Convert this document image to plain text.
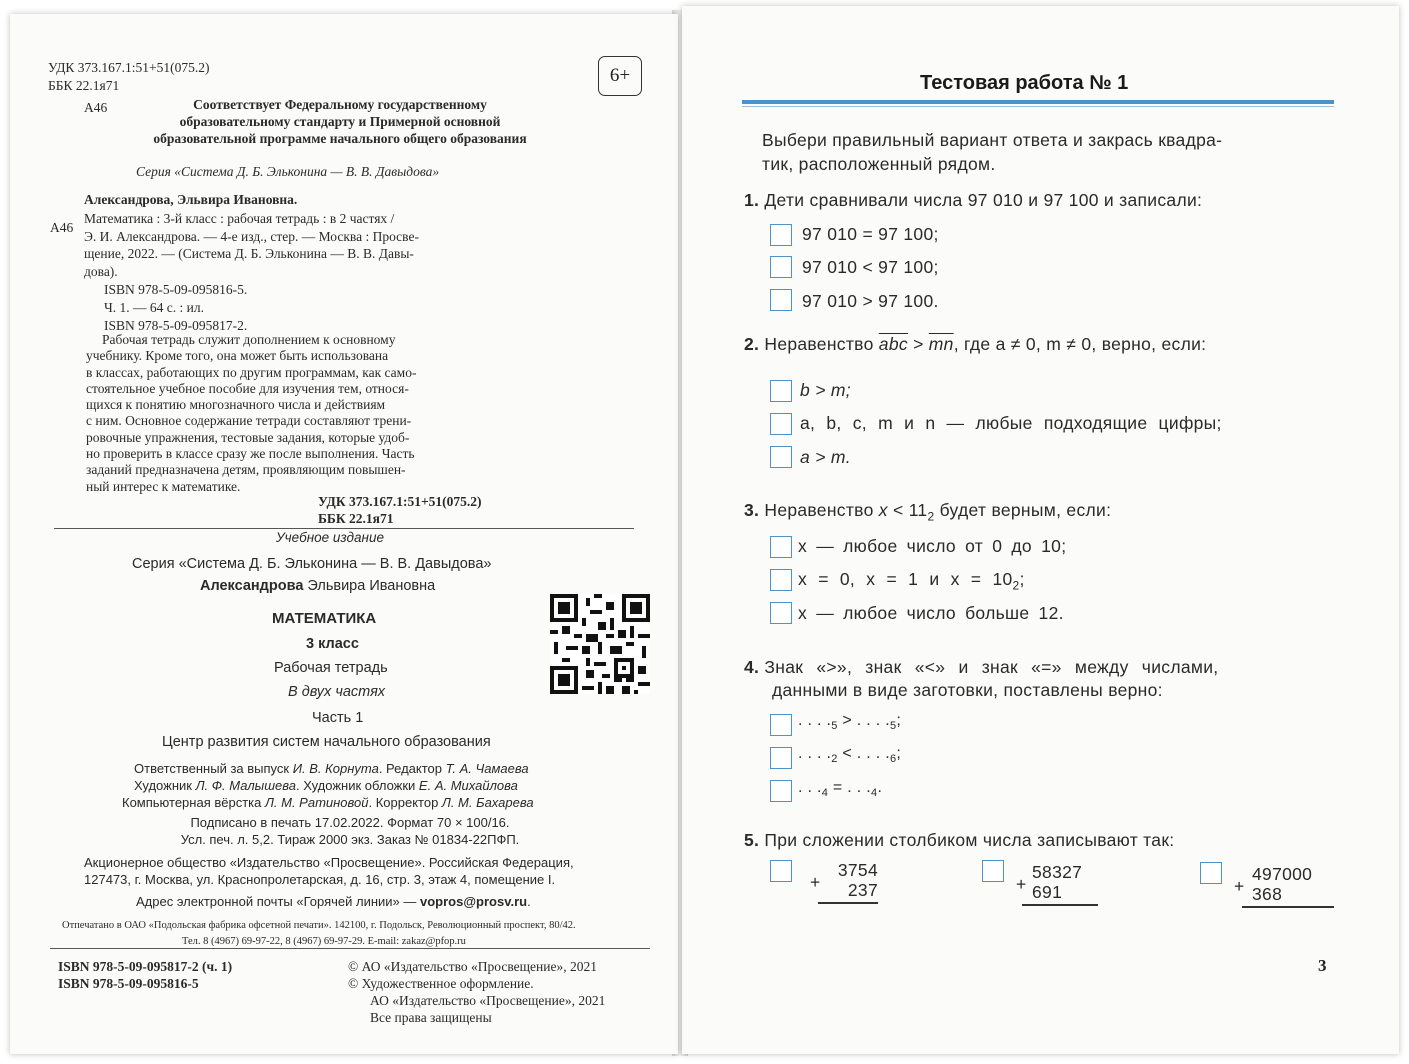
УДК 373.167.1:51+51(075.2)
ББК 22.1я71
А46
6+
Соответствует Федеральному государственному
образовательному стандарту и Примерной основной
образовательной программе начального общего образования
Серия «Система Д. Б. Эльконина — В. В. Давыдова»
Александрова, Эльвира Ивановна.
А46
Математика : 3-й класс : рабочая тетрадь : в 2 частях /
Э. И. Александрова. — 4-е изд., стер. — Москва : Просве-
щение, 2022. — (Система Д. Б. Эльконина — В. В. Давы-
дова).
ISBN 978-5-09-095816-5.
Ч. 1. — 64 с. : ил.
ISBN 978-5-09-095817-2.
Рабочая тетрадь служит дополнением к основному
учебнику. Кроме того, она может быть использована
в классах, работающих по другим программам, как само-
стоятельное учебное пособие для изучения тем, относя-
щихся к понятию многозначного числа и действиям
с ним. Основное содержание тетради составляют трени-
ровочные упражнения, тестовые задания, которые удоб-
но проверить в классе сразу же после выполнения. Часть
заданий предназначена детям, проявляющим повышен-
ный интерес к математике.
УДК 373.167.1:51+51(075.2)
ББК 22.1я71
Учебное издание
Серия «Система Д. Б. Эльконина — В. В. Давыдова»
Александрова Эльвира Ивановна
МАТЕМАТИКА
3 класс
Рабочая тетрадь
В двух частях
Часть 1
Центр развития систем начального образования
Ответственный за выпуск И. В. Корнута. Редактор Т. А. Чамаева
Художник Л. Ф. Малышева. Художник обложки Е. А. Михайлова
Компьютерная вёрстка Л. М. Ратиновой. Корректор Л. М. Бахарева
Подписано в печать 17.02.2022. Формат 70 × 100/16.
Усл. печ. л. 5,2. Тираж 2000 экз. Заказ № 01834-22ПФП.
Акционерное общество «Издательство «Просвещение». Российская Федерация,
127473, г. Москва, ул. Краснопролетарская, д. 16, стр. 3, этаж 4, помещение I.
Адрес электронной почты «Горячей линии» — vopros@prosv.ru.
Отпечатано в ОАО «Подольская фабрика офсетной печати». 142100, г. Подольск, Революционный проспект, 80/42.
Тел. 8 (4967) 69-97-22, 8 (4967) 69-97-29. E-mail: zakaz@pfop.ru
ISBN 978-5-09-095817-2 (ч. 1)
ISBN 978-5-09-095816-5
© АО «Издательство «Просвещение», 2021
© Художественное оформление.
АО «Издательство «Просвещение», 2021
Все права защищены
Тестовая работа № 1
Выбери правильный вариант ответа и закрась квадра-
тик, расположенный рядом.
1. Дети сравнивали числа 97 010 и 97 100 и записали:
97 010 = 97 100;
97 010 < 97 100;
97 010 > 97 100.
2. Неравенство $\overline{abc} > \overline{mn}$, где a ≠ 0, m ≠ 0, верно, если:
b > m;
a, b, c, m и n — любые подходящие цифры;
a > m.
3. Неравенство $x < 11_2$ будет верным, если:
x — любое число от 0 до 10;
x = 0, x = 1 и $x = 10_2$;
x — любое число больше 12.
4. Знак «>», знак «<» и знак «=» между числами,
данными в виде заготовки, поставлены верно:
. . . $._5$ > . . . $._5$;
. . . $._2$ < . . . $._6$;
. . $._4$ = . . $._4$.
5. При сложении столбиком числа записывают так:
3754
237
+	58327
691
+	497000
368
+
3
